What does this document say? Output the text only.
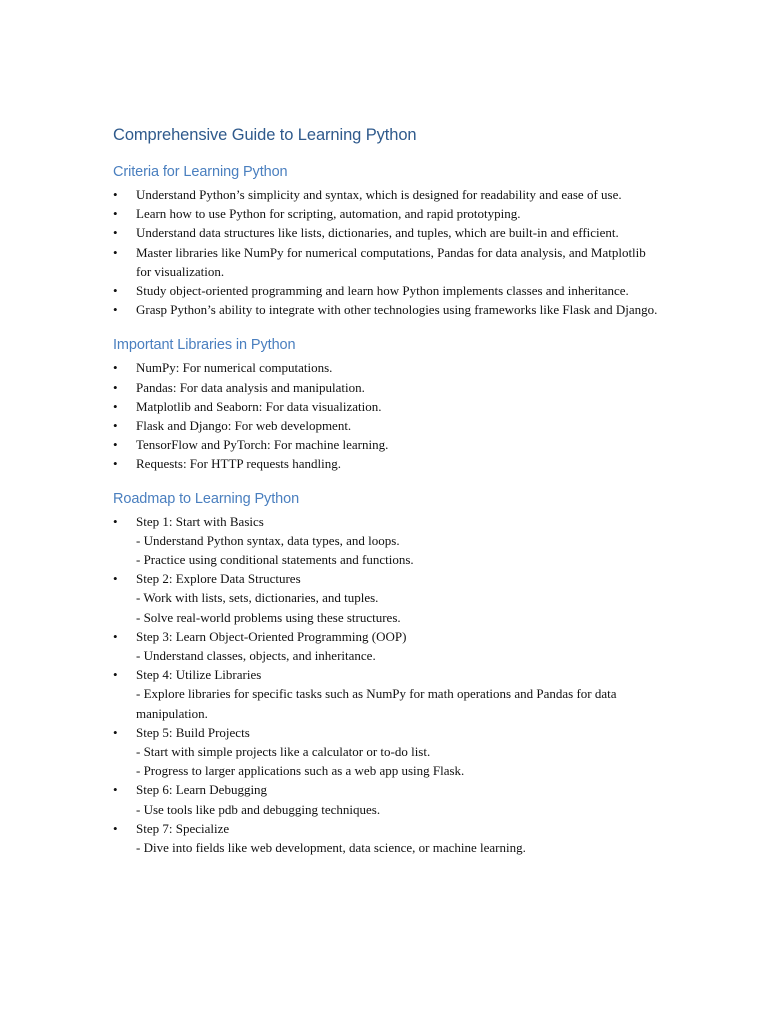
Comprehensive Guide to Learning Python
Criteria for Learning Python
• Understand Python’s simplicity and syntax, which is designed for readability and ease of use.
• Learn how to use Python for scripting, automation, and rapid prototyping.
• Understand data structures like lists, dictionaries, and tuples, which are built-in and efficient.
• Master libraries like NumPy for numerical computations, Pandas for data analysis, and Matplotlib for visualization.
• Study object-oriented programming and learn how Python implements classes and inheritance.
• Grasp Python’s ability to integrate with other technologies using frameworks like Flask and Django.
Important Libraries in Python
• NumPy: For numerical computations.
• Pandas: For data analysis and manipulation.
• Matplotlib and Seaborn: For data visualization.
• Flask and Django: For web development.
• TensorFlow and PyTorch: For machine learning.
• Requests: For HTTP requests handling.
Roadmap to Learning Python
• Step 1: Start with Basics
- Understand Python syntax, data types, and loops.
- Practice using conditional statements and functions.
• Step 2: Explore Data Structures
- Work with lists, sets, dictionaries, and tuples.
- Solve real-world problems using these structures.
• Step 3: Learn Object-Oriented Programming (OOP)
- Understand classes, objects, and inheritance.
• Step 4: Utilize Libraries
- Explore libraries for specific tasks such as NumPy for math operations and Pandas for data manipulation.
• Step 5: Build Projects
- Start with simple projects like a calculator or to-do list.
- Progress to larger applications such as a web app using Flask.
• Step 6: Learn Debugging
- Use tools like pdb and debugging techniques.
• Step 7: Specialize
- Dive into fields like web development, data science, or machine learning.
